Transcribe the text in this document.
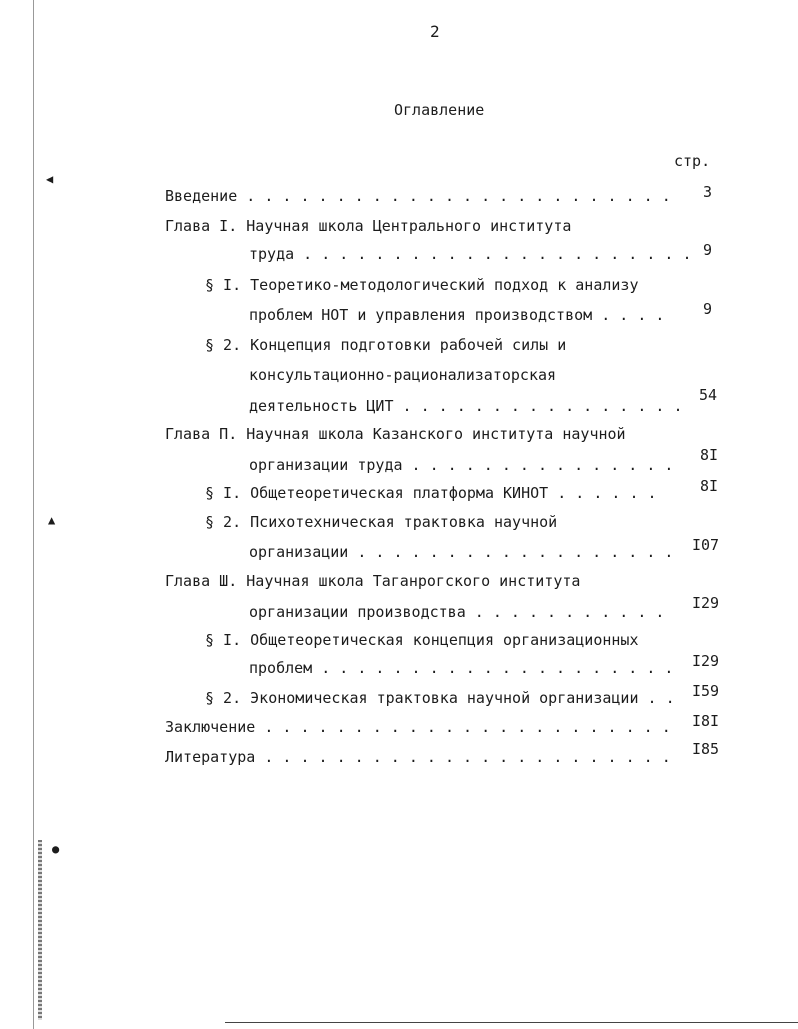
◀
▲
●
2
Оглавление
стр.
Введение . . . . . . . . . . . . . . . . . . . . . . . . 3
Глава I. Научная школа Центрального института
труда . . . . . . . . . . . . . . . . . . . . . . 9
§ I. Теоретико-методологический подход к анализу
проблем НОТ и управления производством . . . .	9
§ 2. Концепция подготовки рабочей силы и
консультационно-рационализаторская
деятельность ЦИТ . . . . . . . . . . . . . . . .
54
Глава П. Научная школа Казанского института научной
организации труда . . . . . . . . . . . . . . .
8I
§ I. Общетеоретическая платформа КИНОТ . . . . . .	8I
§ 2. Психотехническая трактовка научной
организации . . . . . . . . . . . . . . . . . . I07
Глава Ш. Научная школа Таганрогского института
организации производства . . . . . . . . . . . I29
§ I. Общетеоретическая концепция организационных
проблем . . . . . . . . . . . . . . . . . . . . I29
§ 2. Экономическая трактовка научной организации . . I59
Заключение . . . . . . . . . . . . . . . . . . . . . . . I8I
Литература . . . . . . . . . . . . . . . . . . . . . . . I85
